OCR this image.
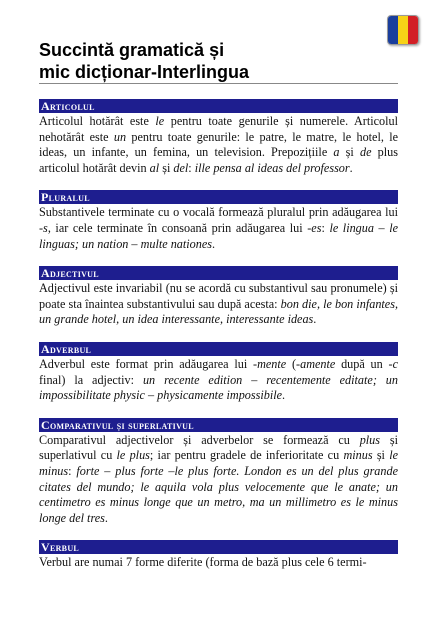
Succintă gramatică și
mic dicționar-Interlingua
Articolul
Articolul hotărât este le pentru toate genurile și numerele. Articolul nehotărât este un pentru toate genurile: le patre, le matre, le hotel, le ideas, un infante, un femina, un television. Prepozițiile a și de plus articolul hotărât devin al și del: ille pensa al ideas del professor.
Pluralul
Substantivele terminate cu o vocală formează pluralul prin adăugarea lui -s, iar cele terminate în consoană prin adăugarea lui -es: le lingua – le linguas; un nation – multe nationes.
Adjectivul
Adjectivul este invariabil (nu se acordă cu substantivul sau pronumele) și poate sta înaintea substantivului sau după acesta: bon die, le bon infantes, un grande hotel, un idea interessante, interessante ideas.
Adverbul
Adverbul este format prin adăugarea lui -mente (-amente după un -c final) la adjectiv: un recente edition – recentemente editate; un impossibilitate physic – physicamente impossibile.
Comparativul și superlativul
Comparativul adjectivelor și adverbelor se formează cu plus și superlativul cu le plus; iar pentru gradele de inferioritate cu minus și le minus: forte – plus forte –le plus forte. London es un del plus grande citates del mundo; le aquila vola plus velocemente que le anate; un centimetro es minus longe que un metro, ma un millimetro es le minus longe del tres.
Verbul
Verbul are numai 7 forme diferite (forma de bază plus cele 6 termi-
